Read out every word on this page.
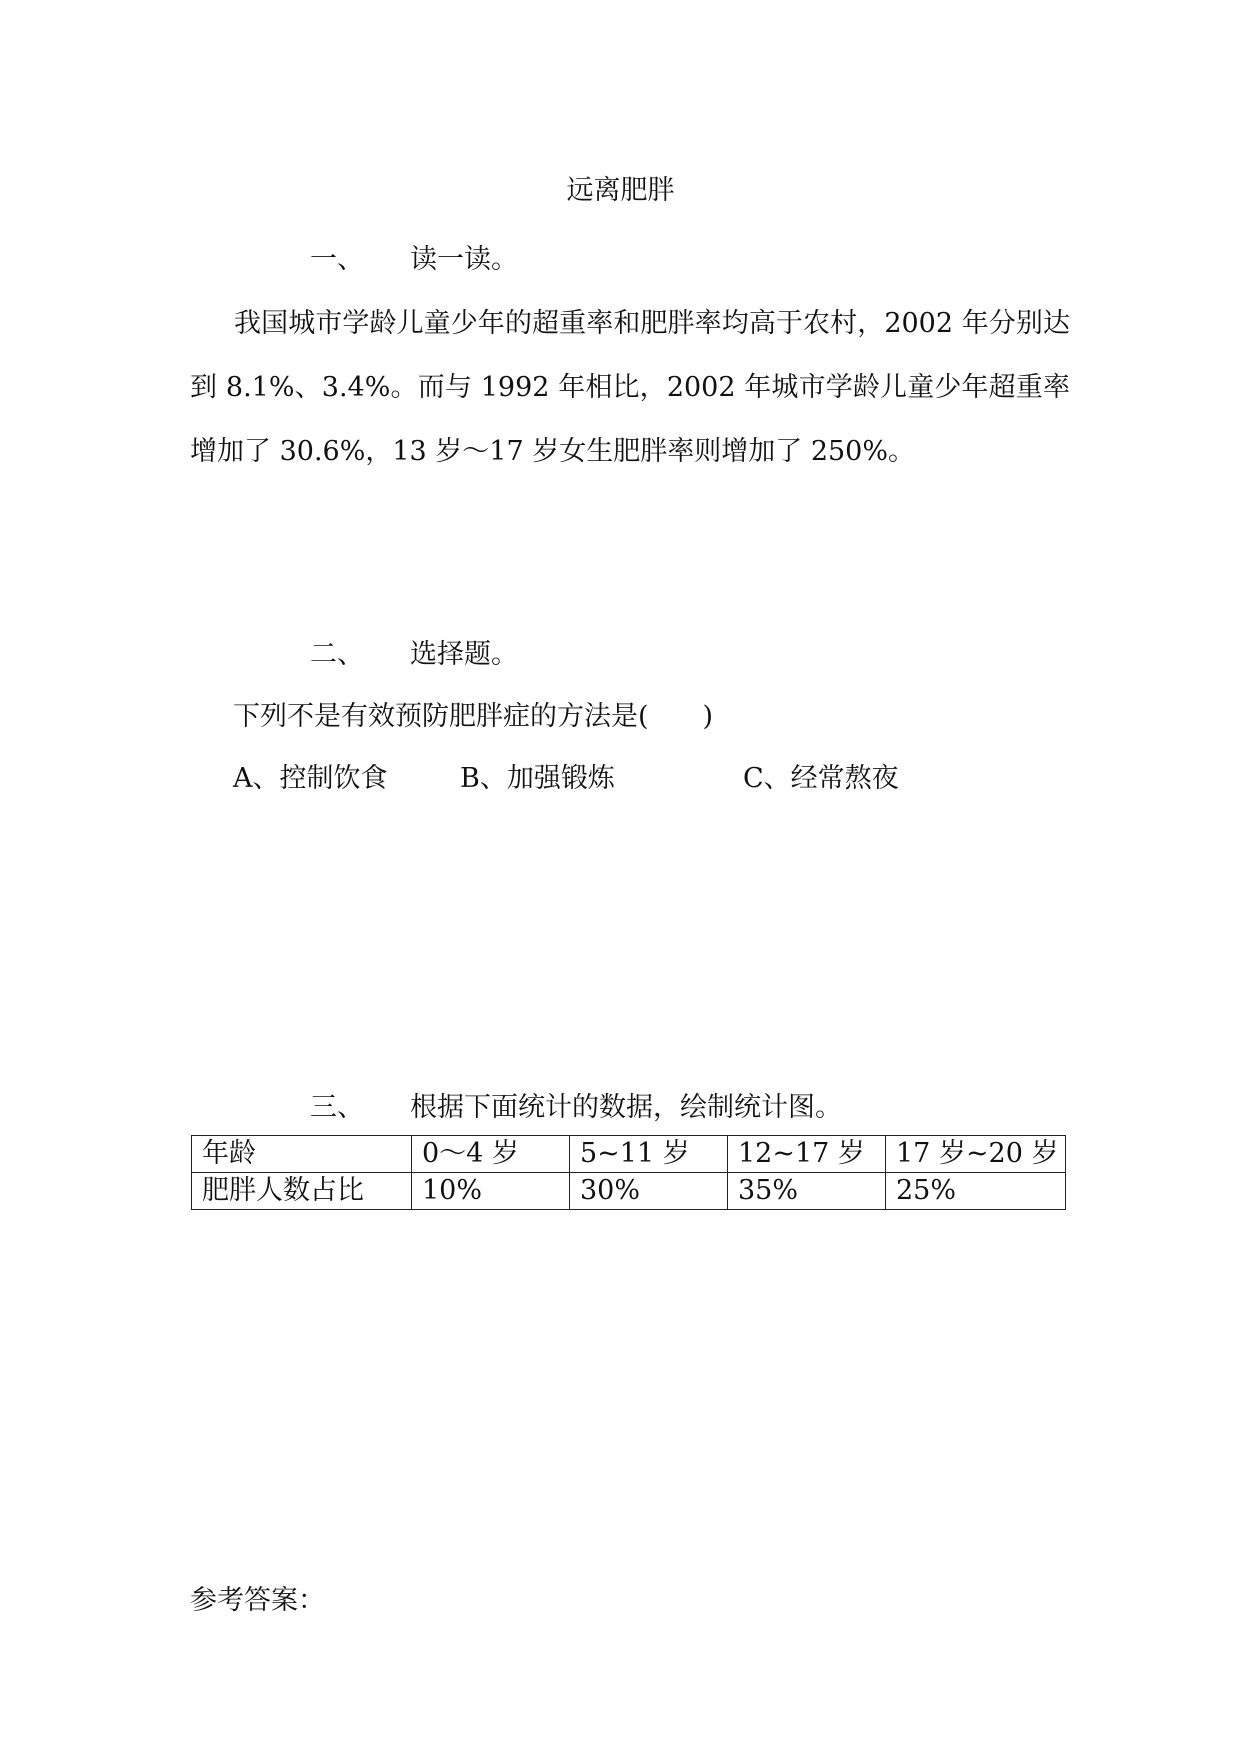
远离肥胖
一、 读一读。
我国城市学龄儿童少年的超重率和肥胖率均高于农村，2002 年分别达到 8.1%、3.4%。而与 1992 年相比，2002 年城市学龄儿童少年超重率增加了 30.6%，13 岁～17 岁女生肥胖率则增加了 250%。
二、 选择题。
下列不是有效预防肥胖症的方法是(　　)
A、控制饮食	B、加强锻炼	C、经常熬夜
三、 根据下面统计的数据，绘制统计图。
年龄	0～4 岁	5~11 岁	12~17 岁	17 岁~20 岁
肥胖人数占比	10%	30%	35%	25%
参考答案：
